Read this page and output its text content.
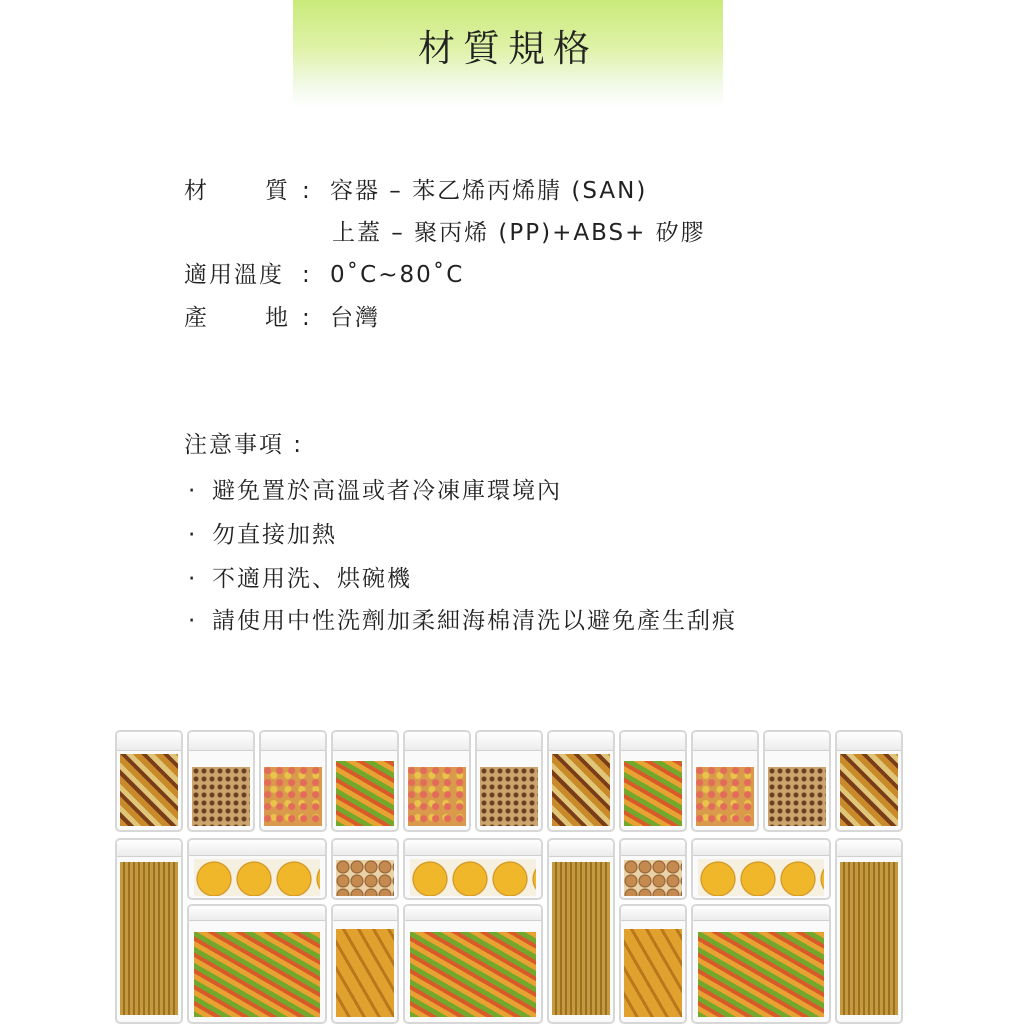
材質規格
材 質 : 容器 – 苯乙烯丙烯腈 (SAN)
上蓋 – 聚丙烯 (PP)+ABS+ 矽膠
適用溫度 : 0˚C~80˚C
產 地 : 台灣
注意事項 :
· 避免置於高溫或者冷凍庫環境內
· 勿直接加熱
· 不適用洗、烘碗機
· 請使用中性洗劑加柔細海棉清洗以避免產生刮痕
